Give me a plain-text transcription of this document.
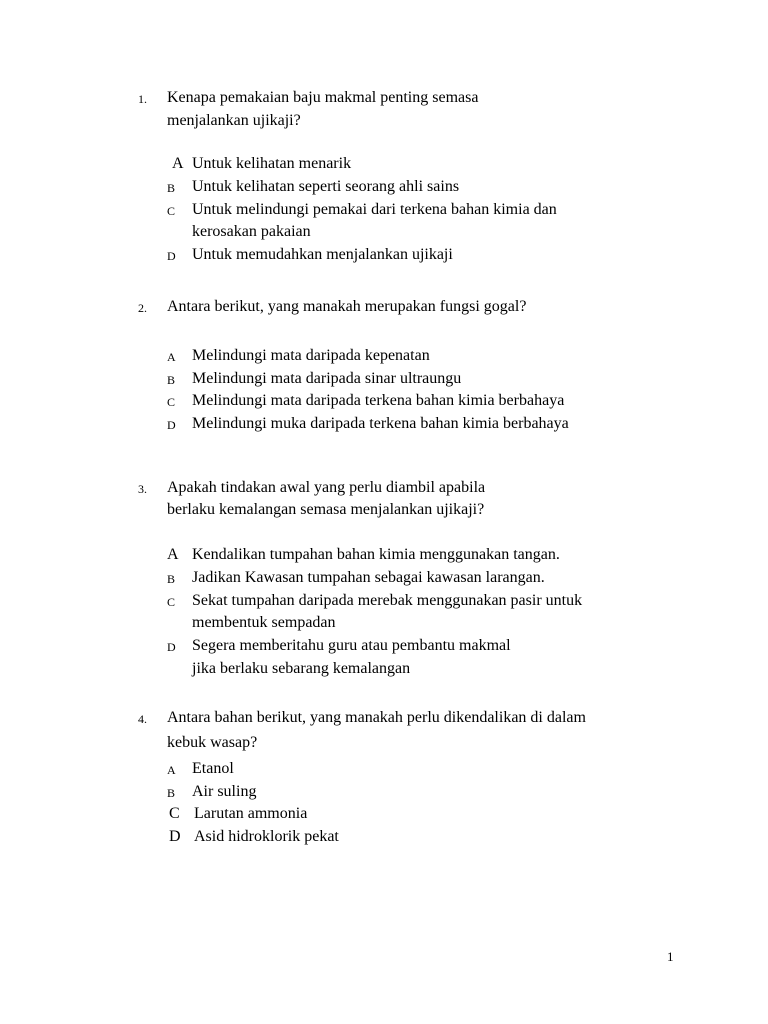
1. Kenapa pemakaian baju makmal penting semasa
menjalankan ujikaji?
A Untuk kelihatan menarik
B Untuk kelihatan seperti seorang ahli sains
C Untuk melindungi pemakai dari terkena bahan kimia dan
kerosakan pakaian
D Untuk memudahkan menjalankan ujikaji
2. Antara berikut, yang manakah merupakan fungsi gogal?
A Melindungi mata daripada kepenatan
B Melindungi mata daripada sinar ultraungu
C Melindungi mata daripada terkena bahan kimia berbahaya
D Melindungi muka daripada terkena bahan kimia berbahaya
3. Apakah tindakan awal yang perlu diambil apabila
berlaku kemalangan semasa menjalankan ujikaji?
A Kendalikan tumpahan bahan kimia menggunakan tangan.
B Jadikan Kawasan tumpahan sebagai kawasan larangan.
C Sekat tumpahan daripada merebak menggunakan pasir untuk
membentuk sempadan
D Segera memberitahu guru atau pembantu makmal
jika berlaku sebarang kemalangan
4. Antara bahan berikut, yang manakah perlu dikendalikan di dalam
kebuk wasap?
A Etanol
B Air suling
C Larutan ammonia
D Asid hidroklorik pekat
1
